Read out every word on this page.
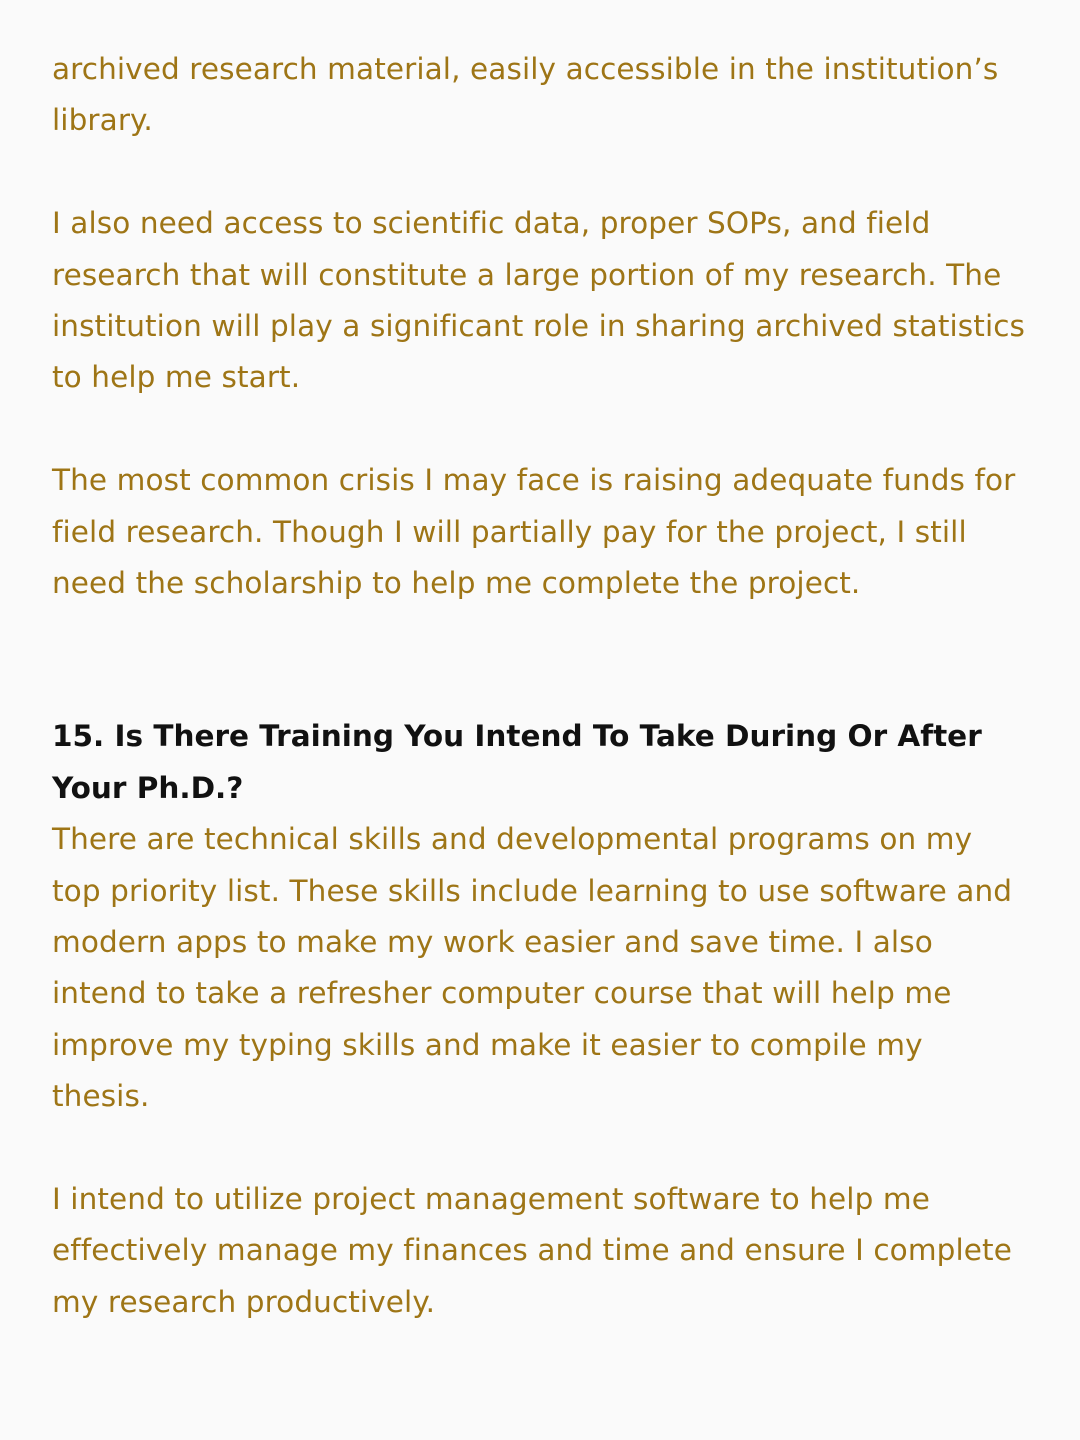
archived research material, easily accessible in the institution’s library.

I also need access to scientific data, proper SOPs, and field research that will constitute a large portion of my research. The institution will play a significant role in sharing archived statistics to help me start.

The most common crisis I may face is raising adequate funds for field research. Though I will partially pay for the project, I still need the scholarship to help me complete the project.

15. Is There Training You Intend To Take During Or After Your Ph.D.?

There are technical skills and developmental programs on my top priority list. These skills include learning to use software and modern apps to make my work easier and save time. I also intend to take a refresher computer course that will help me improve my typing skills and make it easier to compile my thesis.

I intend to utilize project management software to help me effectively manage my finances and time and ensure I complete my research productively.
